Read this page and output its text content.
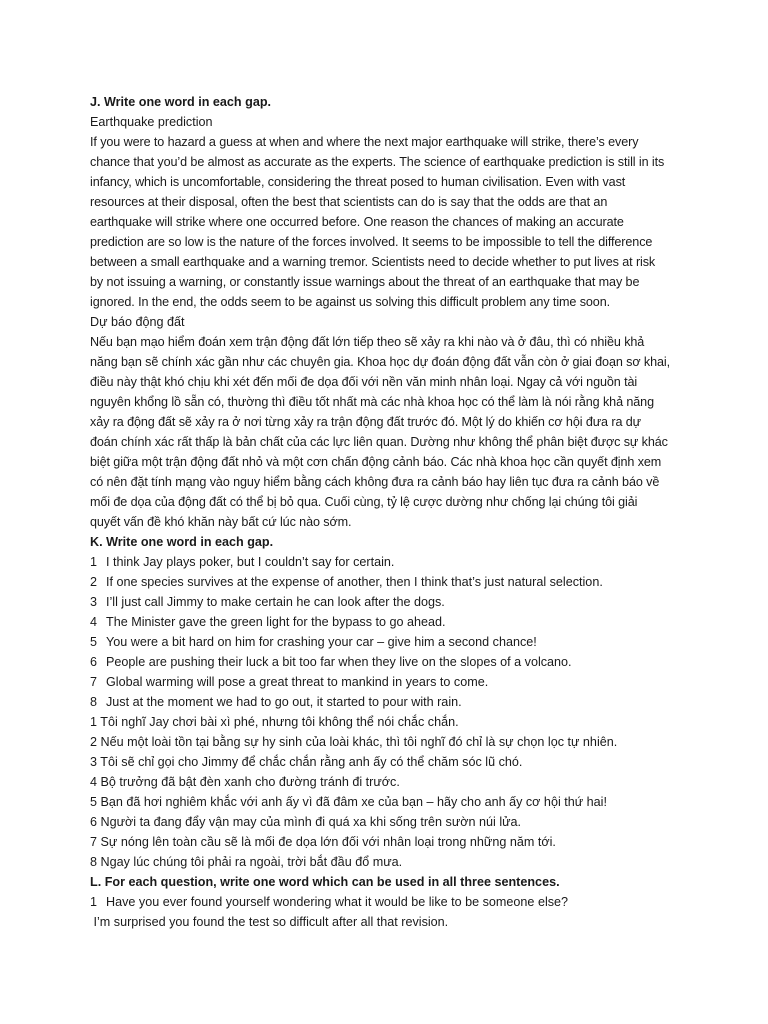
J. Write one word in each gap.
Earthquake prediction
If you were to hazard a guess at when and where the next major earthquake will strike, there’s every
chance that you’d be almost as accurate as the experts. The science of earthquake prediction is still in its
infancy, which is uncomfortable, considering the threat posed to human civilisation. Even with vast
resources at their disposal, often the best that scientists can do is say that the odds are that an
earthquake will strike where one occurred before. One reason the chances of making an accurate
prediction are so low is the nature of the forces involved. It seems to be impossible to tell the difference
between a small earthquake and a warning tremor. Scientists need to decide whether to put lives at risk
by not issuing a warning, or constantly issue warnings about the threat of an earthquake that may be
ignored. In the end, the odds seem to be against us solving this difficult problem any time soon.
Dự báo động đất
Nếu bạn mạo hiểm đoán xem trận động đất lớn tiếp theo sẽ xảy ra khi nào và ở đâu, thì có nhiều khả
năng bạn sẽ chính xác gần như các chuyên gia. Khoa học dự đoán động đất vẫn còn ở giai đoạn sơ khai,
điều này thật khó chịu khi xét đến mối đe dọa đối với nền văn minh nhân loại. Ngay cả với nguồn tài
nguyên khổng lồ sẵn có, thường thì điều tốt nhất mà các nhà khoa học có thể làm là nói rằng khả năng
xảy ra động đất sẽ xảy ra ở nơi từng xảy ra trận động đất trước đó. Một lý do khiến cơ hội đưa ra dự
đoán chính xác rất thấp là bản chất của các lực liên quan. Dường như không thể phân biệt được sự khác
biệt giữa một trận động đất nhỏ và một cơn chấn động cảnh báo. Các nhà khoa học cần quyết định xem
có nên đặt tính mạng vào nguy hiểm bằng cách không đưa ra cảnh báo hay liên tục đưa ra cảnh báo về
mối đe dọa của động đất có thể bị bỏ qua. Cuối cùng, tỷ lệ cược dường như chống lại chúng tôi giải
quyết vấn đề khó khăn này bất cứ lúc nào sớm.
K. Write one word in each gap.
1 I think Jay plays poker, but I couldn’t say for certain.
2 If one species survives at the expense of another, then I think that’s just natural selection.
3 I’ll just call Jimmy to make certain he can look after the dogs.
4 The Minister gave the green light for the bypass to go ahead.
5 You were a bit hard on him for crashing your car – give him a second chance!
6 People are pushing their luck a bit too far when they live on the slopes of a volcano.
7 Global warming will pose a great threat to mankind in years to come.
8 Just at the moment we had to go out, it started to pour with rain.
1 Tôi nghĩ Jay chơi bài xì phé, nhưng tôi không thể nói chắc chắn.
2 Nếu một loài tồn tại bằng sự hy sinh của loài khác, thì tôi nghĩ đó chỉ là sự chọn lọc tự nhiên.
3 Tôi sẽ chỉ gọi cho Jimmy để chắc chắn rằng anh ấy có thể chăm sóc lũ chó.
4 Bộ trưởng đã bật đèn xanh cho đường tránh đi trước.
5 Bạn đã hơi nghiêm khắc với anh ấy vì đã đâm xe của bạn – hãy cho anh ấy cơ hội thứ hai!
6 Người ta đang đẩy vận may của mình đi quá xa khi sống trên sườn núi lửa.
7 Sự nóng lên toàn cầu sẽ là mối đe dọa lớn đối với nhân loại trong những năm tới.
8 Ngay lúc chúng tôi phải ra ngoài, trời bắt đầu đổ mưa.
L. For each question, write one word which can be used in all three sentences.
1 Have you ever found yourself wondering what it would be like to be someone else?
I’m surprised you found the test so difficult after all that revision.
